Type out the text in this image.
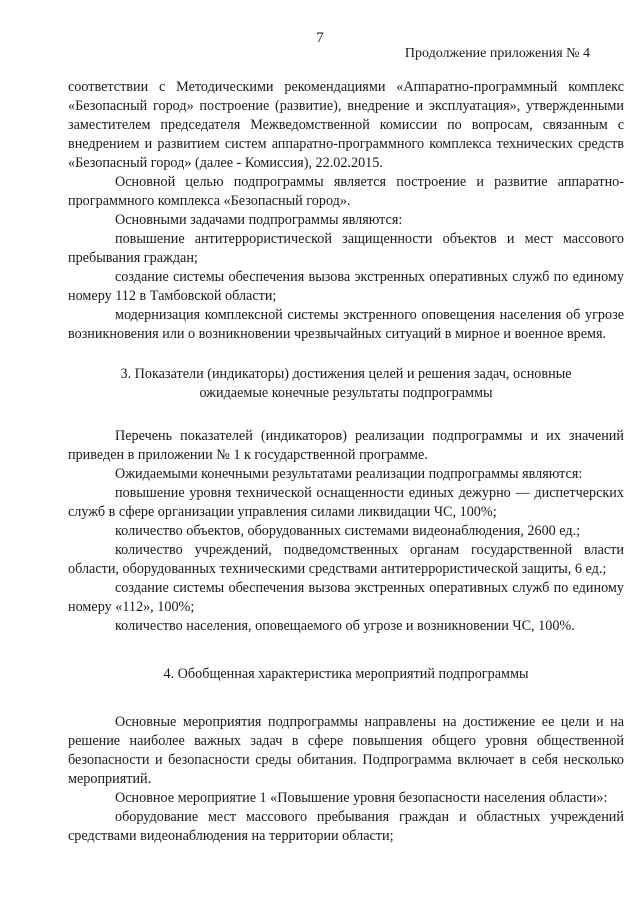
7
Продолжение приложения № 4

соответствии с Методическими рекомендациями «Аппаратно-программный комплекс «Безопасный город» построение (развитие), внедрение и эксплуатация», утвержденными заместителем председателя Межведомственной комиссии по вопросам, связанным с внедрением и развитием систем аппаратно-программного комплекса технических средств «Безопасный город» (далее - Комиссия), 22.02.2015.

Основной целью подпрограммы является построение и развитие аппаратно-программного комплекса «Безопасный город».

Основными задачами подпрограммы являются:

повышение антитеррористической защищенности объектов и мест массового пребывания граждан;

создание системы обеспечения вызова экстренных оперативных служб по единому номеру 112 в Тамбовской области;

модернизация комплексной системы экстренного оповещения населения об угрозе возникновения или о возникновении чрезвычайных ситуаций в мирное и военное время.

3. Показатели (индикаторы) достижения целей и решения задач, основные

ожидаемые конечные результаты подпрограммы

Перечень показателей (индикаторов) реализации подпрограммы и их значений приведен в приложении № 1 к государственной программе.

Ожидаемыми конечными результатами реализации подпрограммы являются:

повышение уровня технической оснащенности единых дежурно — диспетчерских служб в сфере организации управления силами ликвидации ЧС, 100%;

количество объектов, оборудованных системами видеонаблюдения, 2600 ед.;

количество учреждений, подведомственных органам государственной власти области, оборудованных техническими средствами антитеррористической защиты, 6 ед.;

создание системы обеспечения вызова экстренных оперативных служб по единому номеру «112», 100%;

количество населения, оповещаемого об угрозе и возникновении ЧС, 100%.

4. Обобщенная характеристика мероприятий подпрограммы

Основные мероприятия подпрограммы направлены на достижение ее цели и на решение наиболее важных задач в сфере повышения общего уровня общественной безопасности и безопасности среды обитания. Подпрограмма включает в себя несколько мероприятий.

Основное мероприятие 1 «Повышение уровня безопасности населения области»:

оборудование мест массового пребывания граждан и областных учреждений средствами видеонаблюдения на территории области;
